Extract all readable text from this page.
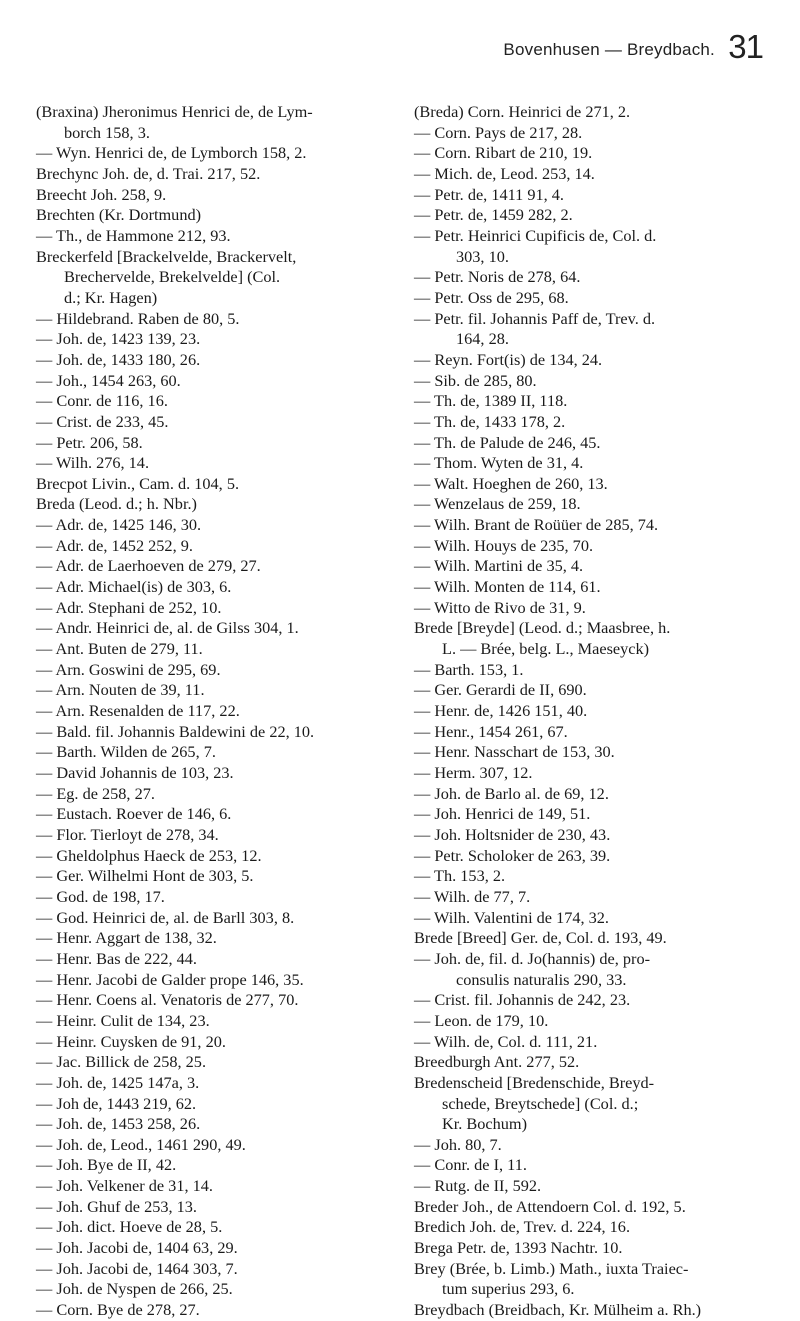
Bovenhusen — Breydbach. 31
(Braxina) Jheronimus Henrici de, de Lym-
borch 158, 3.
— Wyn. Henrici de, de Lymborch 158, 2.
Brechync Joh. de, d. Trai. 217, 52.
Breecht Joh. 258, 9.
Brechten (Kr. Dortmund)
— Th., de Hammone 212, 93.
Breckerfeld [Brackelvelde, Brackervelt,
Brechervelde, Brekelvelde] (Col.
d.; Kr. Hagen)
— Hildebrand. Raben de 80, 5.
— Joh. de, 1423 139, 23.
— Joh. de, 1433 180, 26.
— Joh., 1454 263, 60.
— Conr. de 116, 16.
— Crist. de 233, 45.
— Petr. 206, 58.
— Wilh. 276, 14.
Brecpot Livin., Cam. d. 104, 5.
Breda (Leod. d.; h. Nbr.)
— Adr. de, 1425 146, 30.
— Adr. de, 1452 252, 9.
— Adr. de Laerhoeven de 279, 27.
— Adr. Michael(is) de 303, 6.
— Adr. Stephani de 252, 10.
— Andr. Heinrici de, al. de Gilss 304, 1.
— Ant. Buten de 279, 11.
— Arn. Goswini de 295, 69.
— Arn. Nouten de 39, 11.
— Arn. Resenalden de 117, 22.
— Bald. fil. Johannis Baldewini de 22, 10.
— Barth. Wilden de 265, 7.
— David Johannis de 103, 23.
— Eg. de 258, 27.
— Eustach. Roever de 146, 6.
— Flor. Tierloyt de 278, 34.
— Gheldolphus Haeck de 253, 12.
— Ger. Wilhelmi Hont de 303, 5.
— God. de 198, 17.
— God. Heinrici de, al. de Barll 303, 8.
— Henr. Aggart de 138, 32.
— Henr. Bas de 222, 44.
— Henr. Jacobi de Galder prope 146, 35.
— Henr. Coens al. Venatoris de 277, 70.
— Heinr. Culit de 134, 23.
— Heinr. Cuysken de 91, 20.
— Jac. Billick de 258, 25.
— Joh. de, 1425 147a, 3.
— Joh de, 1443 219, 62.
— Joh. de, 1453 258, 26.
— Joh. de, Leod., 1461 290, 49.
— Joh. Bye de II, 42.
— Joh. Velkener de 31, 14.
— Joh. Ghuf de 253, 13.
— Joh. dict. Hoeve de 28, 5.
— Joh. Jacobi de, 1404 63, 29.
— Joh. Jacobi de, 1464 303, 7.
— Joh. de Nyspen de 266, 25.
— Corn. Bye de 278, 27.
(Breda) Corn. Heinrici de 271, 2.
— Corn. Pays de 217, 28.
— Corn. Ribart de 210, 19.
— Mich. de, Leod. 253, 14.
— Petr. de, 1411 91, 4.
— Petr. de, 1459 282, 2.
— Petr. Heinrici Cupificis de, Col. d.
303, 10.
— Petr. Noris de 278, 64.
— Petr. Oss de 295, 68.
— Petr. fil. Johannis Paff de, Trev. d.
164, 28.
— Reyn. Fort(is) de 134, 24.
— Sib. de 285, 80.
— Th. de, 1389 II, 118.
— Th. de, 1433 178, 2.
— Th. de Palude de 246, 45.
— Thom. Wyten de 31, 4.
— Walt. Hoeghen de 260, 13.
— Wenzelaus de 259, 18.
— Wilh. Brant de Roüüer de 285, 74.
— Wilh. Houys de 235, 70.
— Wilh. Martini de 35, 4.
— Wilh. Monten de 114, 61.
— Witto de Rivo de 31, 9.
Brede [Breyde] (Leod. d.; Maasbree, h.
L. — Brée, belg. L., Maeseyck)
— Barth. 153, 1.
— Ger. Gerardi de II, 690.
— Henr. de, 1426 151, 40.
— Henr., 1454 261, 67.
— Henr. Nasschart de 153, 30.
— Herm. 307, 12.
— Joh. de Barlo al. de 69, 12.
— Joh. Henrici de 149, 51.
— Joh. Holtsnider de 230, 43.
— Petr. Scholoker de 263, 39.
— Th. 153, 2.
— Wilh. de 77, 7.
— Wilh. Valentini de 174, 32.
Brede [Breed] Ger. de, Col. d. 193, 49.
— Joh. de, fil. d. Jo(hannis) de, pro-
consulis naturalis 290, 33.
— Crist. fil. Johannis de 242, 23.
— Leon. de 179, 10.
— Wilh. de, Col. d. 111, 21.
Breedburgh Ant. 277, 52.
Bredenscheid [Bredenschide, Breyd-
schede, Breytschede] (Col. d.;
Kr. Bochum)
— Joh. 80, 7.
— Conr. de I, 11.
— Rutg. de II, 592.
Breder Joh., de Attendoern Col. d. 192, 5.
Bredich Joh. de, Trev. d. 224, 16.
Brega Petr. de, 1393 Nachtr. 10.
Brey (Brée, b. Limb.) Math., iuxta Traiec-
tum superius 293, 6.
Breydbach (Breidbach, Kr. Mülheim a. Rh.)
